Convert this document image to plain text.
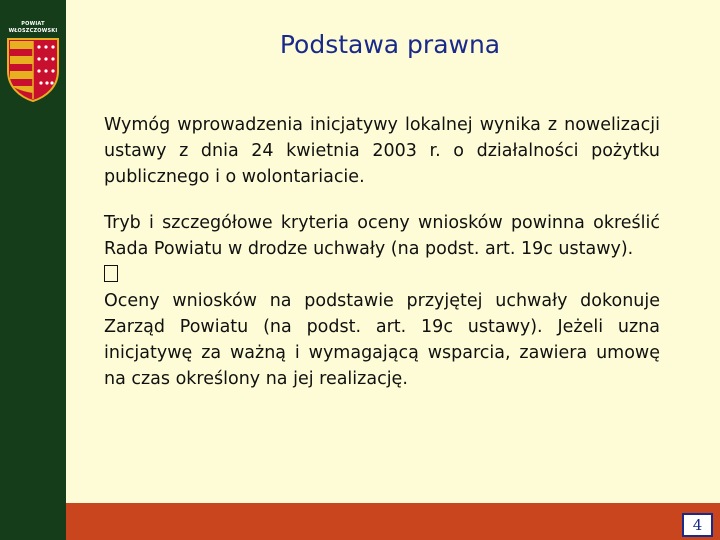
POWIAT
WŁOSZCZOWSKI	Podstawa prawna

Wymóg wprowadzenia inicjatywy lokalnej wynika z nowelizacji ustawy z dnia 24 kwietnia 2003 r. o działalności pożytku publicznego i o wolontariacie.

Tryb i szczegółowe kryteria oceny wniosków powinna określić Rada Powiatu w drodze uchwały (na podst. art. 19c ustawy).

Oceny wniosków na podstawie przyjętej uchwały dokonuje Zarząd Powiatu (na podst. art. 19c ustawy). Jeżeli uzna inicjatywę za ważną i wymagającą wsparcia, zawiera umowę na czas określony na jej realizację.

4
